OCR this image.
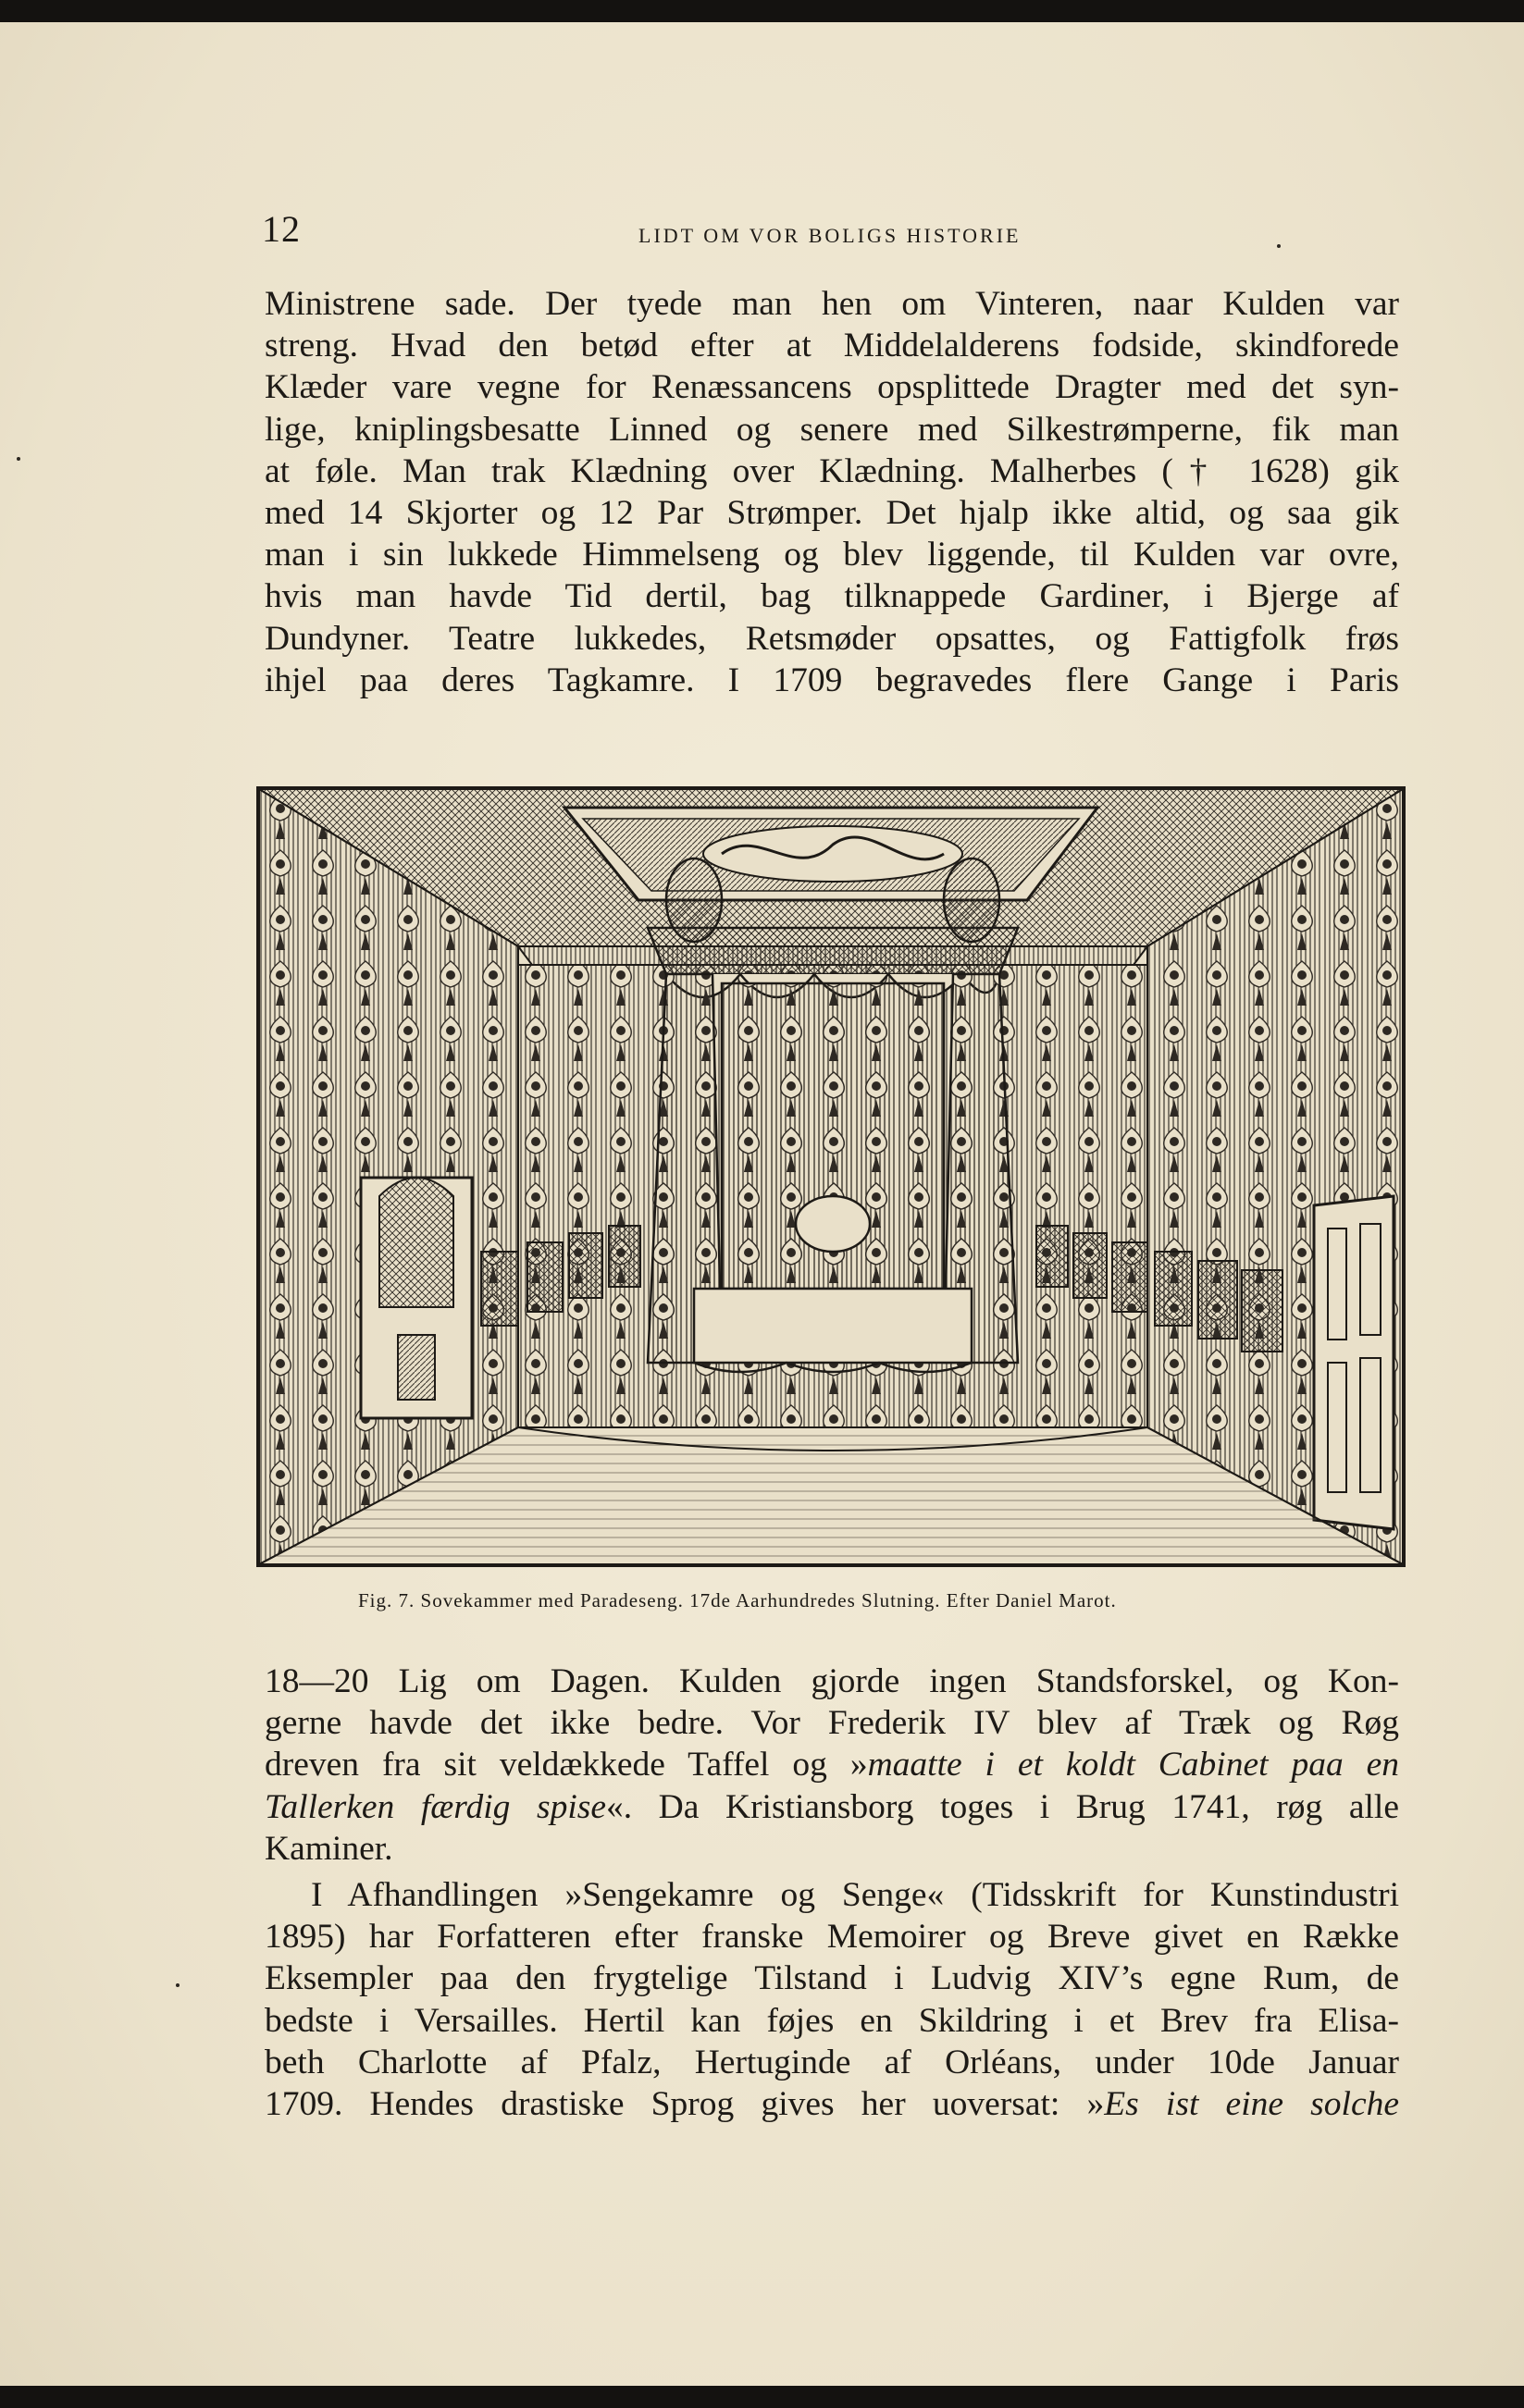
12	LIDT OM VOR BOLIGS HISTORIE
Ministrene sade. Der tyede man hen om Vinteren, naar Kulden var
streng. Hvad den betød efter at Middelalderens fodside, skindforede
Klæder vare vegne for Renæssancens opsplittede Dragter med det syn-
lige, kniplingsbesatte Linned og senere med Silkestrømperne, fik man
at føle. Man trak Klædning over Klædning. Malherbes († 1628) gik
med 14 Skjorter og 12 Par Strømper. Det hjalp ikke altid, og saa gik
man i sin lukkede Himmelseng og blev liggende, til Kulden var ovre,
hvis man havde Tid dertil, bag tilknappede Gardiner, i Bjerge af
Dundyner. Teatre lukkedes, Retsmøder opsattes, og Fattigfolk frøs
ihjel paa deres Tagkamre. I 1709 begravedes flere Gange i Paris
Fig. 7. Sovekammer med Paradeseng. 17de Aarhundredes Slutning. Efter Daniel Marot.
18—20 Lig om Dagen. Kulden gjorde ingen Standsforskel, og Kon-
gerne havde det ikke bedre. Vor Frederik IV blev af Træk og Røg
dreven fra sit veldækkede Taffel og »maatte i et koldt Cabinet paa en
Tallerken færdig spise«. Da Kristiansborg toges i Brug 1741, røg alle
Kaminer.
I Afhandlingen »Sengekamre og Senge« (Tidsskrift for Kunstindustri
1895) har Forfatteren efter franske Memoirer og Breve givet en Række
Eksempler paa den frygtelige Tilstand i Ludvig XIV’s egne Rum, de
bedste i Versailles. Hertil kan føjes en Skildring i et Brev fra Elisa-
beth Charlotte af Pfalz, Hertuginde af Orléans, under 10de Januar
1709. Hendes drastiske Sprog gives her uoversat: »Es ist eine solche
